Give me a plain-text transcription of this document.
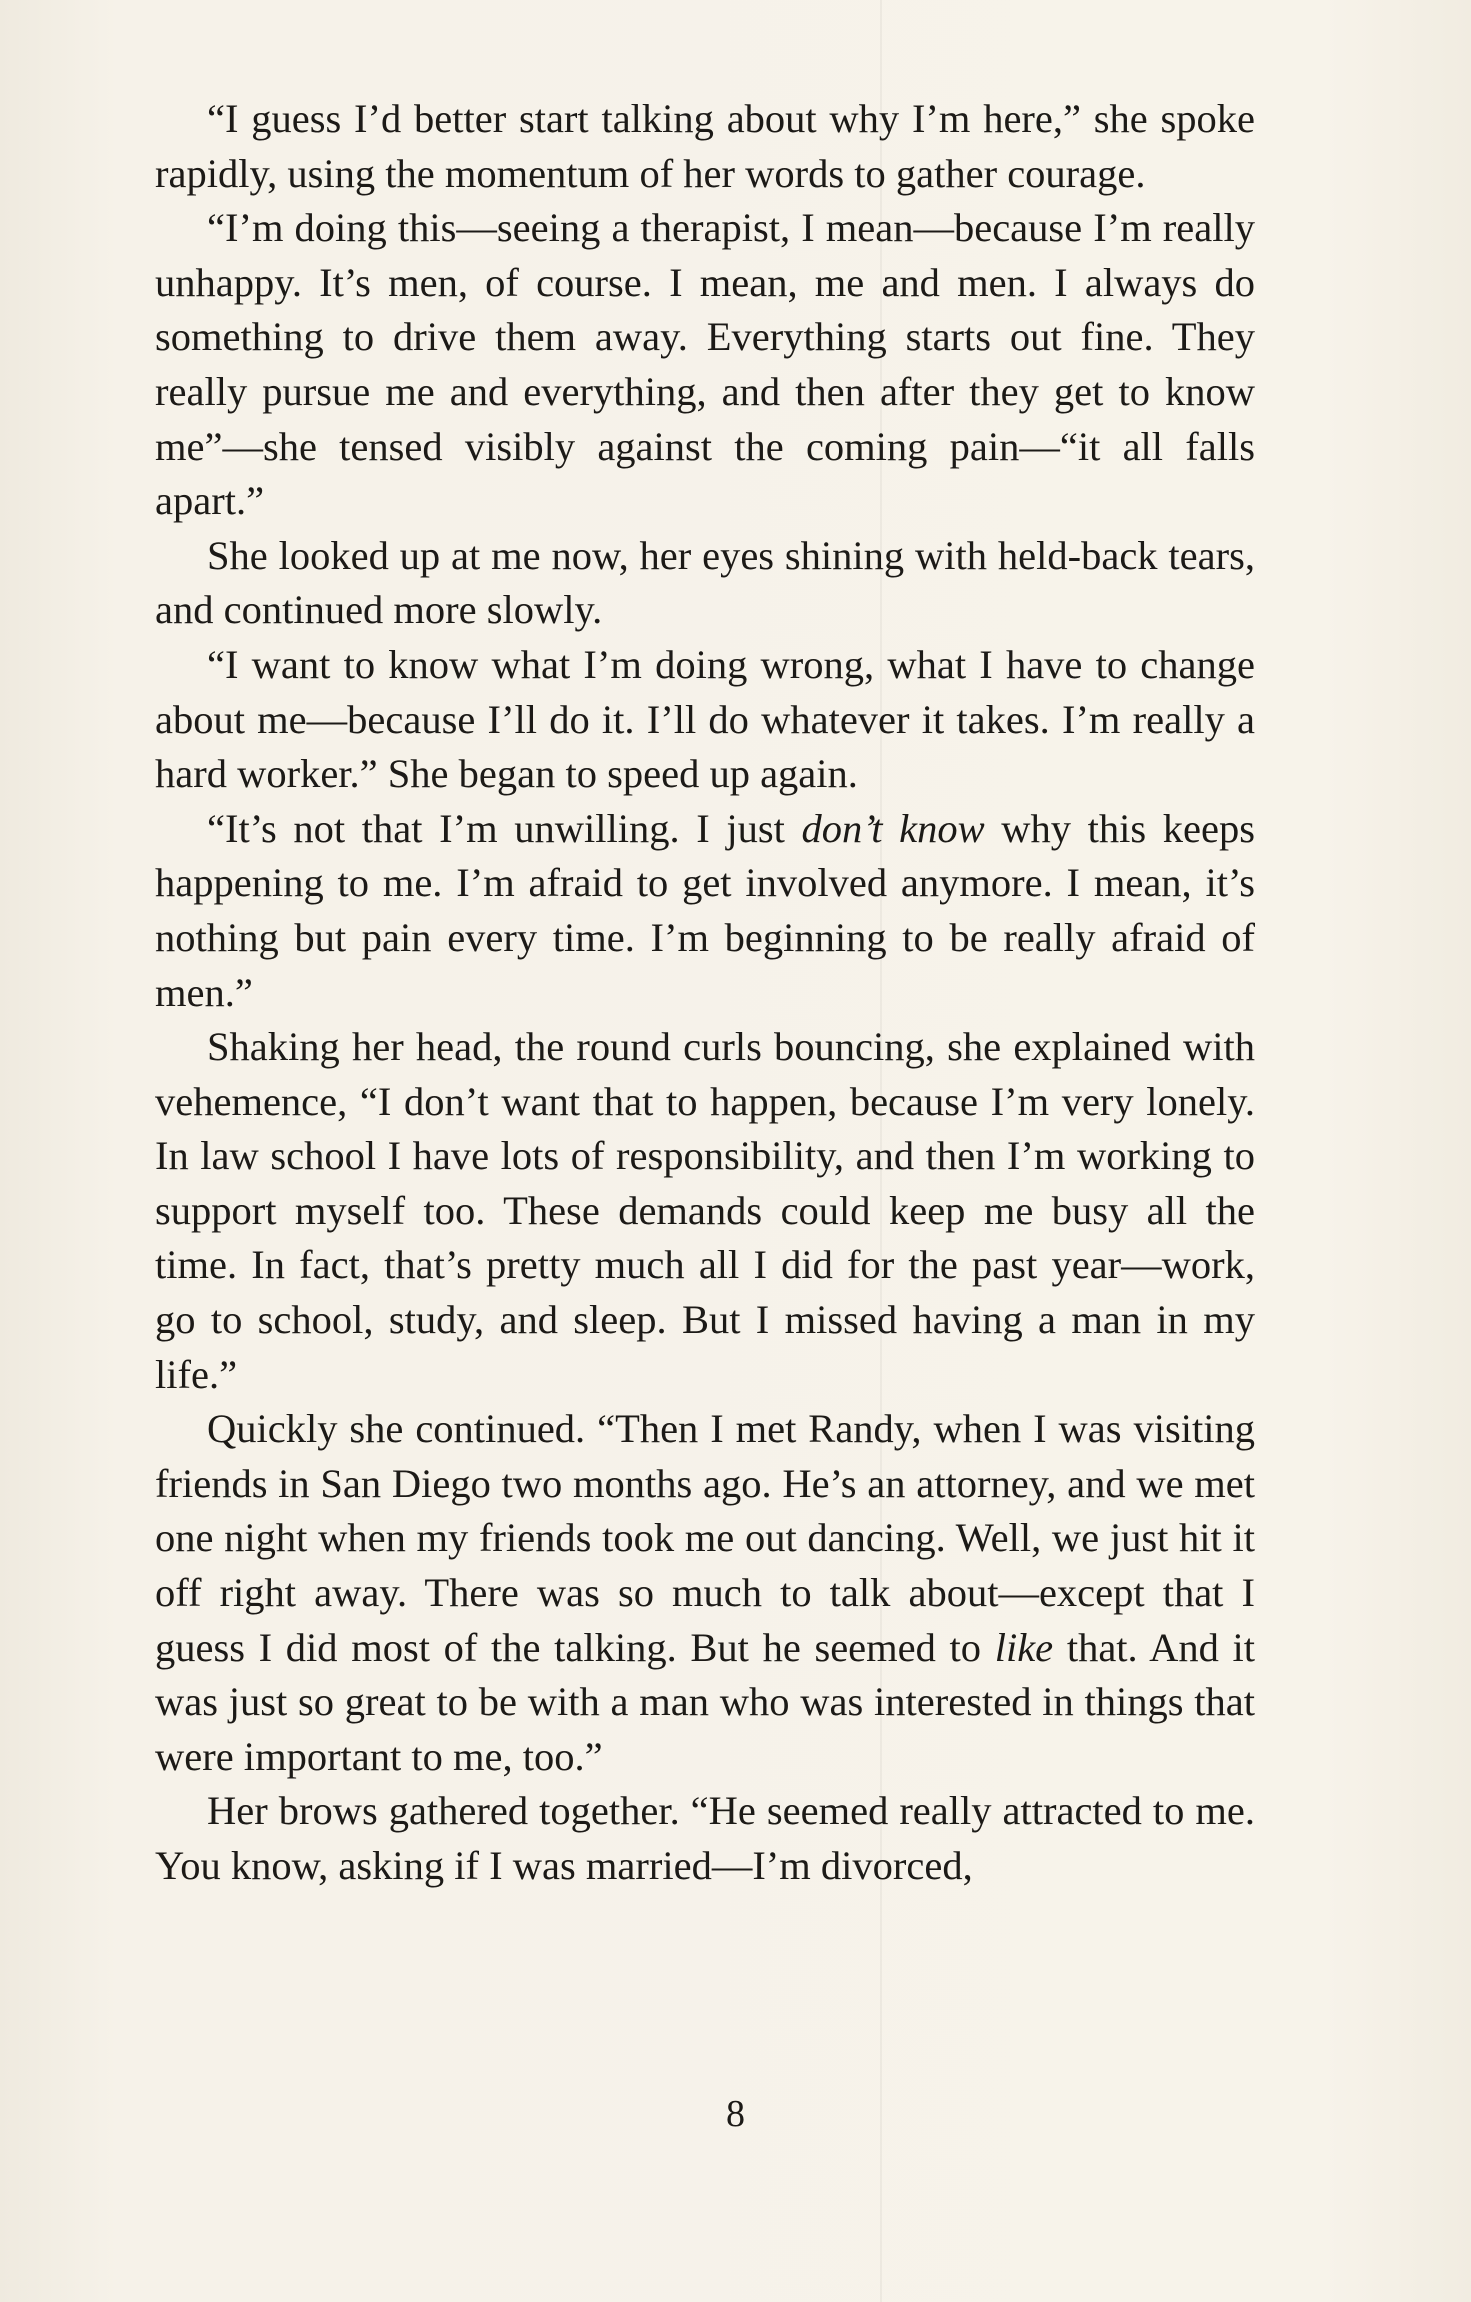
“I guess I’d better start talking about why I’m here,” she spoke rapidly, using the momentum of her words to gather courage.

“I’m doing this—seeing a therapist, I mean—because I’m really unhappy. It’s men, of course. I mean, me and men. I always do something to drive them away. Everything starts out fine. They really pursue me and everything, and then after they get to know me”—she tensed visibly against the coming pain—“it all falls apart.”

She looked up at me now, her eyes shining with held-back tears, and continued more slowly.

“I want to know what I’m doing wrong, what I have to change about me—because I’ll do it. I’ll do whatever it takes. I’m really a hard worker.” She began to speed up again.

“It’s not that I’m unwilling. I just don’t know why this keeps happening to me. I’m afraid to get involved anymore. I mean, it’s nothing but pain every time. I’m beginning to be really afraid of men.”

Shaking her head, the round curls bouncing, she explained with vehemence, “I don’t want that to happen, because I’m very lonely. In law school I have lots of responsibility, and then I’m working to support myself too. These demands could keep me busy all the time. In fact, that’s pretty much all I did for the past year—work, go to school, study, and sleep. But I missed having a man in my life.”

Quickly she continued. “Then I met Randy, when I was visiting friends in San Diego two months ago. He’s an attorney, and we met one night when my friends took me out dancing. Well, we just hit it off right away. There was so much to talk about—except that I guess I did most of the talking. But he seemed to like that. And it was just so great to be with a man who was interested in things that were important to me, too.”

Her brows gathered together. “He seemed really attracted to me. You know, asking if I was married—I’m divorced,

8
